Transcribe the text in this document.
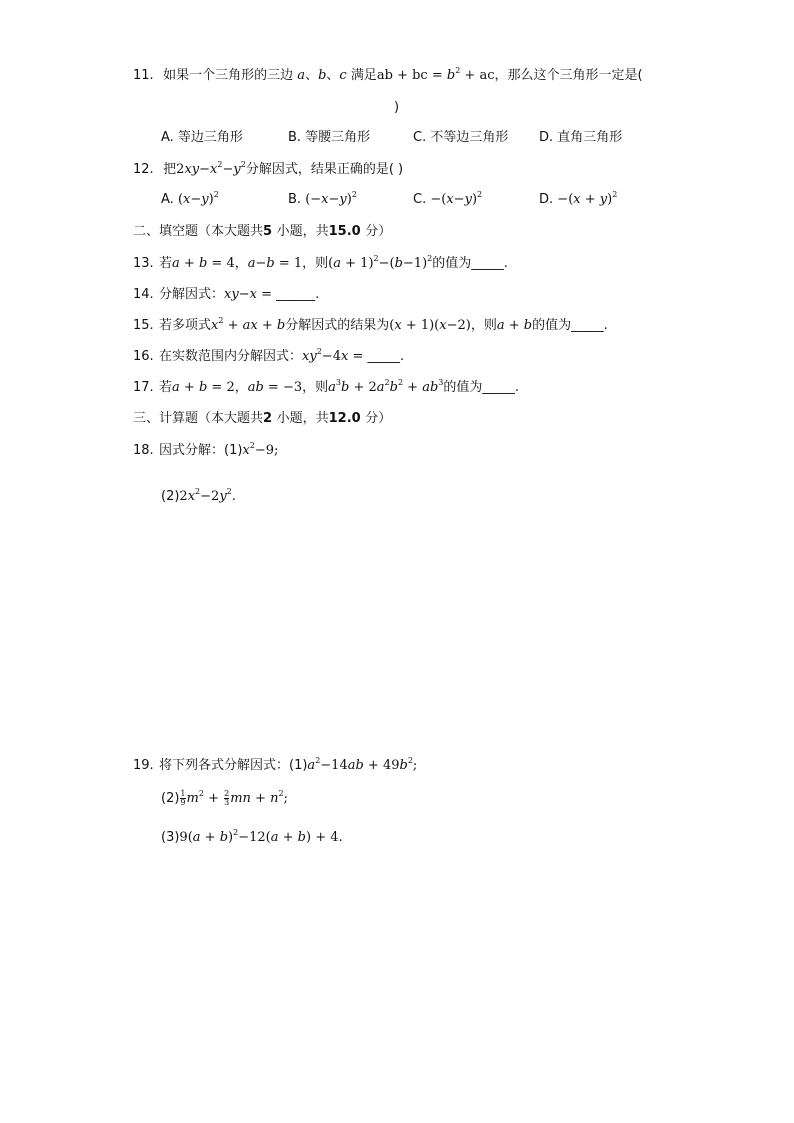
11. 如果一个三角形的三边 a、b、c 满足ab + bc = $b^2$ + ac，那么这个三角形一定是(
)
A. 等边三角形	B. 等腰三角形	C. 不等边三角形 D. 直角三角形
12. 把$2xy-x^2-y^2$分解因式，结果正确的是( )
A. $(x-y)^2$	B. $(-x-y)^2$	C. $-(x-y)^2$	D. $-(x + y)^2$
二、填空题（本大题共5 小题，共15.0 分）
13. 若a + b = 4，a−b = 1，则$(a + 1)^2-(b-1)^2$的值为_____.
14. 分解因式：xy−x = ______.
15. 若多项式$x^2$ + ax + b分解因式的结果为(x + 1)(x−2)，则a + b的值为_____.
16. 在实数范围内分解因式：$xy^2-4x$ = _____.
17. 若a + b = 2，ab = −3，则$a^3b + 2a^2b^2 + ab^3$的值为_____.
三、计算题（本大题共2 小题，共12.0 分）
18. 因式分解：$(1)x^2-9$;
$(2)2x^2-2y^2$.
19. 将下列各式分解因式：$(1)a^2-14ab + 49b^2$;
$(2) \frac{1}{9} m^2 + \frac{2}{3}$ mn + $n^2$;
$(3)9(a + b)^2-12(a + b) + 4$.
